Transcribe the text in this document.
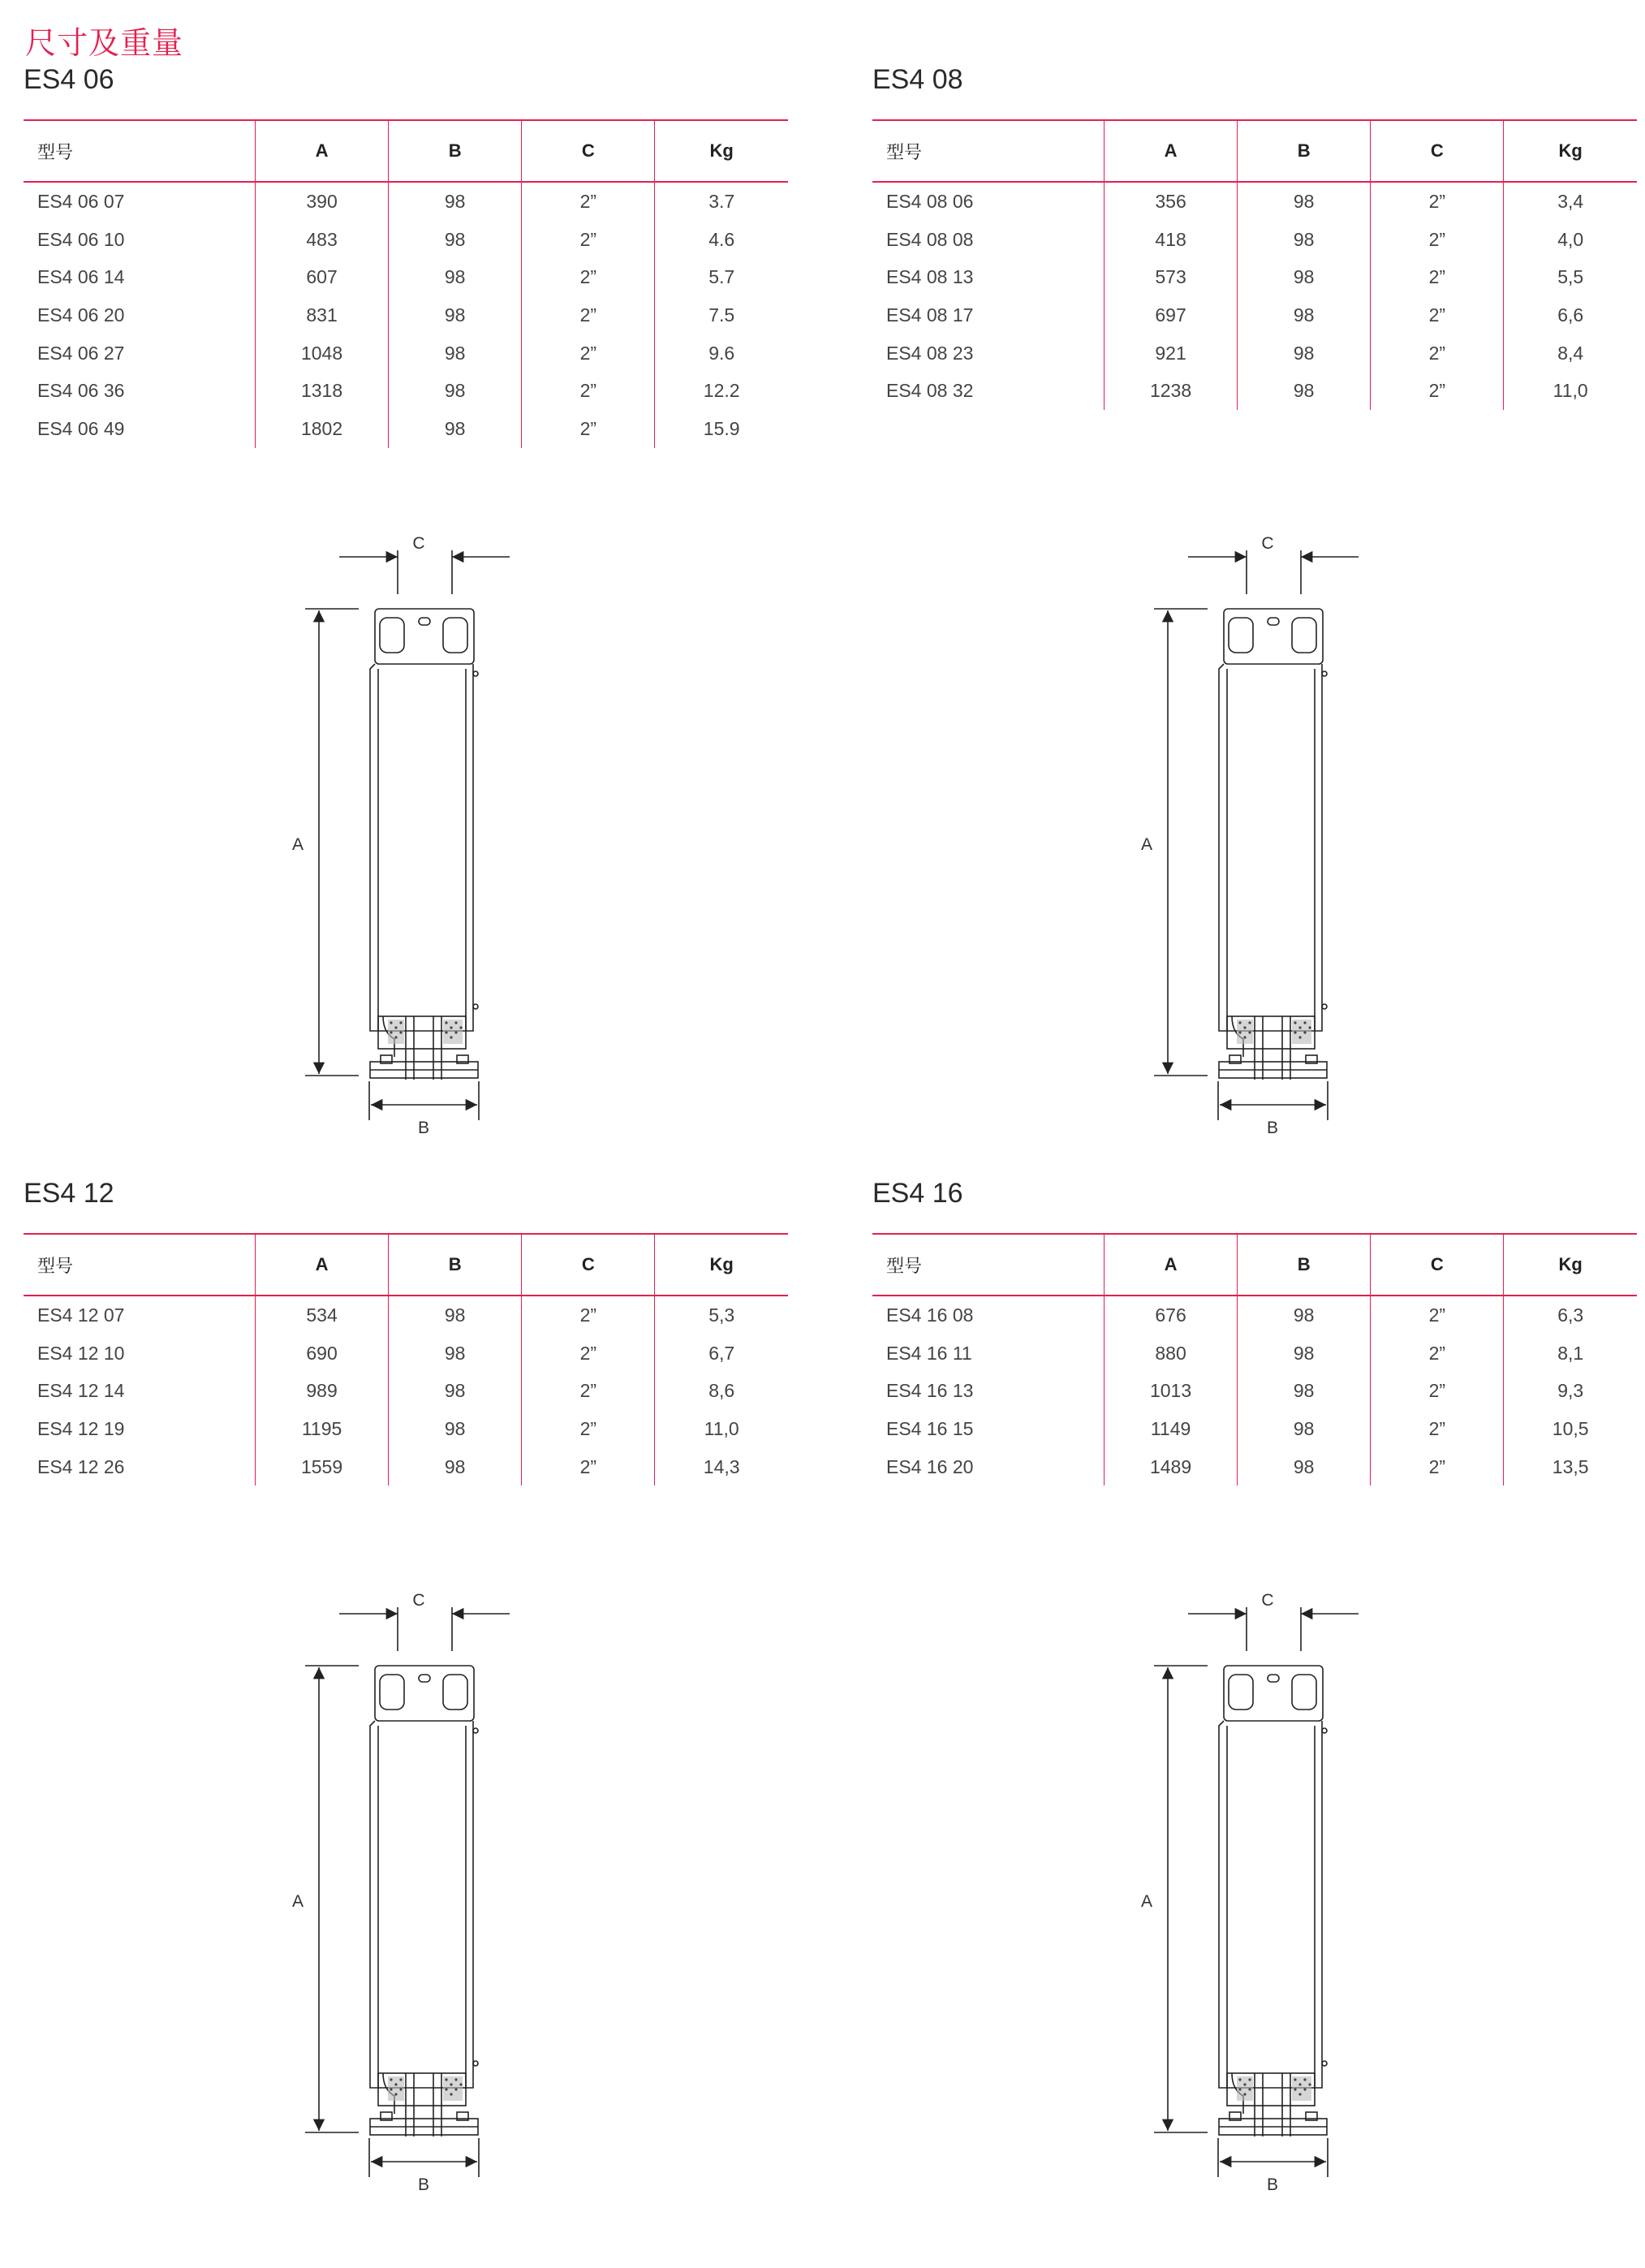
尺寸及重量
ES4 06
型号	A	B	C	Kg
ES4 06 07	390	98	2”	3.7
ES4 06 10	483	98	2”	4.6
ES4 06 14	607	98	2”	5.7
ES4 06 20	831	98	2”	7.5
ES4 06 27	1048	98	2”	9.6
ES4 06 36	1318	98	2”	12.2
ES4 06 49	1802	98	2”	15.9
ES4 08
型号	A	B	C	Kg
ES4 08 06	356	98	2”	3,4
ES4 08 08	418	98	2”	4,0
ES4 08 13	573	98	2”	5,5
ES4 08 17	697	98	2”	6,6
ES4 08 23	921	98	2”	8,4
ES4 08 32	1238	98	2”	11,0
ES4 12
型号	A	B	C	Kg
ES4 12 07	534	98	2”	5,3
ES4 12 10	690	98	2”	6,7
ES4 12 14	989	98	2”	8,6
ES4 12 19	1195	98	2”	11,0
ES4 12 26	1559	98	2”	14,3
ES4 16
型号	A	B	C	Kg
ES4 16 08	676	98	2”	6,3
ES4 16 11	880	98	2”	8,1
ES4 16 13	1013	98	2”	9,3
ES4 16 15	1149	98	2”	10,5
ES4 16 20	1489	98	2”	13,5
C
A
B
C
A
B
C
A
B
C
A
B
